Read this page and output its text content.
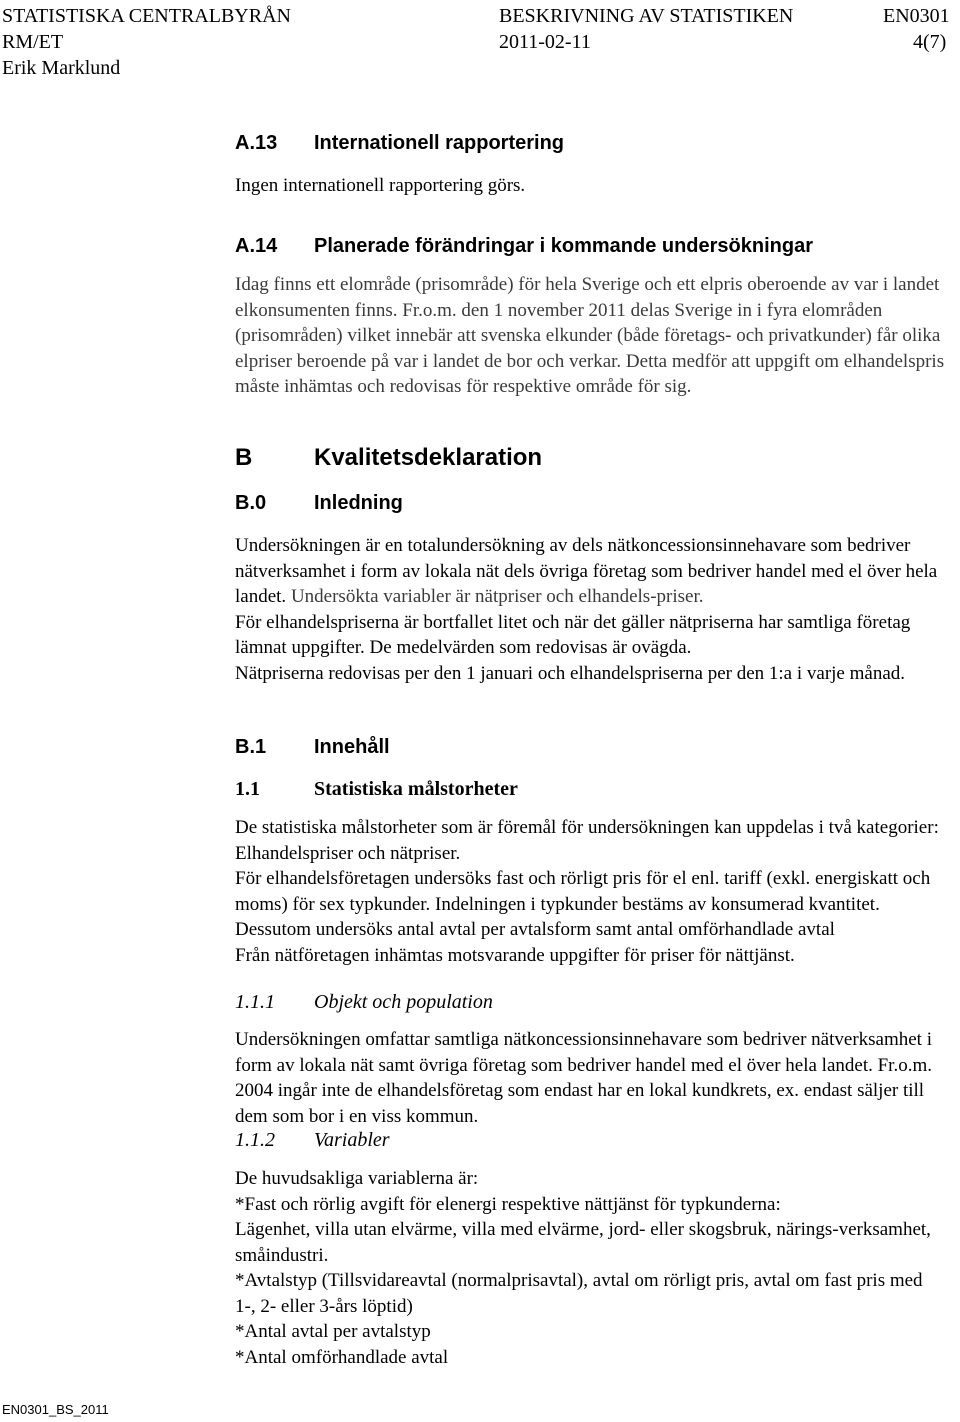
STATISTISKA CENTRALBYRÅN	BESKRIVNING AV STATISTIKEN	EN0301
RM/ET	2011-02-11	4(7)
Erik Marklund
A.13 Internationell rapportering
Ingen internationell rapportering görs.
A.14 Planerade förändringar i kommande undersökningar
Idag finns ett elområde (prisområde) för hela Sverige och ett elpris oberoende av var i landet elkonsumenten finns. Fr.o.m. den 1 november 2011 delas Sverige in i fyra elområden (prisområden) vilket innebär att svenska elkunder (både företags- och privatkunder) får olika elpriser beroende på var i landet de bor och verkar. Detta medför att uppgift om elhandelspris måste inhämtas och redovisas för respektive område för sig.
B	Kvalitetsdeklaration
B.0 Inledning
Undersökningen är en totalundersökning av dels nätkoncessionsinnehavare som bedriver nätverksamhet i form av lokala nät dels övriga företag som bedriver handel med el över hela landet. Undersökta variabler är nätpriser och elhandels-priser.
För elhandelspriserna är bortfallet litet och när det gäller nätpriserna har samtliga företag lämnat uppgifter. De medelvärden som redovisas är ovägda.
Nätpriserna redovisas per den 1 januari och elhandelspriserna per den 1:a i varje månad.
B.1 Innehåll
1.1	Statistiska målstorheter
De statistiska målstorheter som är föremål för undersökningen kan uppdelas i två kategorier: Elhandelspriser och nätpriser.
För elhandelsföretagen undersöks fast och rörligt pris för el enl. tariff (exkl. energiskatt och moms) för sex typkunder. Indelningen i typkunder bestäms av konsumerad kvantitet. Dessutom undersöks antal avtal per avtalsform samt antal omförhandlade avtal
Från nätföretagen inhämtas motsvarande uppgifter för priser för nättjänst.
1.1.1 Objekt och population
Undersökningen omfattar samtliga nätkoncessionsinnehavare som bedriver nätverksamhet i form av lokala nät samt övriga företag som bedriver handel med el över hela landet. Fr.o.m. 2004 ingår inte de elhandelsföretag som endast har en lokal kundkrets, ex. endast säljer till dem som bor i en viss kommun.
1.1.2 Variabler
De huvudsakliga variablerna är:
*Fast och rörlig avgift för elenergi respektive nättjänst för typkunderna:
Lägenhet, villa utan elvärme, villa med elvärme, jord- eller skogsbruk, närings-verksamhet, småindustri.
*Avtalstyp (Tillsvidareavtal (normalprisavtal), avtal om rörligt pris, avtal om fast pris med 1-, 2- eller 3-års löptid)
*Antal avtal per avtalstyp
*Antal omförhandlade avtal
EN0301_BS_2011
